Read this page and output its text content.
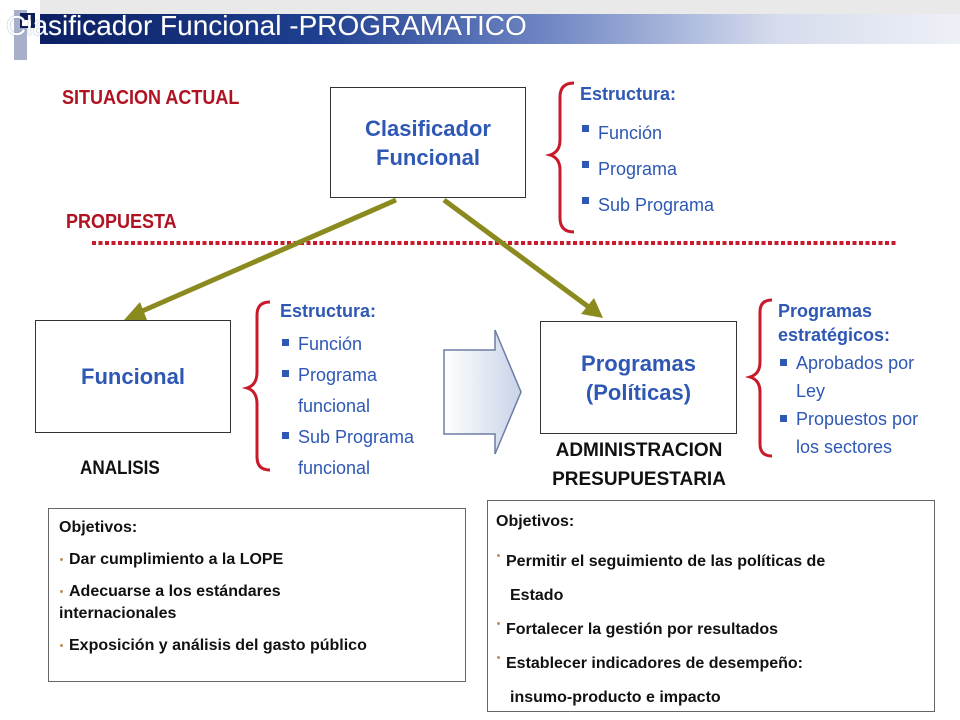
Clasificador Funcional -PROGRAMATICO
SITUACION ACTUAL
PROPUESTA
Clasificador
Funcional
Estructura:
Función
Programa
Sub Programa
Funcional
ANALISIS
Estructura:
Función
Programa
funcional
Sub Programa
funcional
Programas
(Políticas)
ADMINISTRACION
PRESUPUESTARIA
Programas
estratégicos:
Aprobados por
Ley
Propuestos por
los sectores
Objetivos:
Dar cumplimiento a la LOPE
Adecuarse a los estándares
internacionales
Exposición y análisis del gasto público
Objetivos:
Permitir el seguimiento de las políticas de
Estado
Fortalecer la gestión por resultados
Establecer indicadores de desempeño:
insumo-producto e impacto
